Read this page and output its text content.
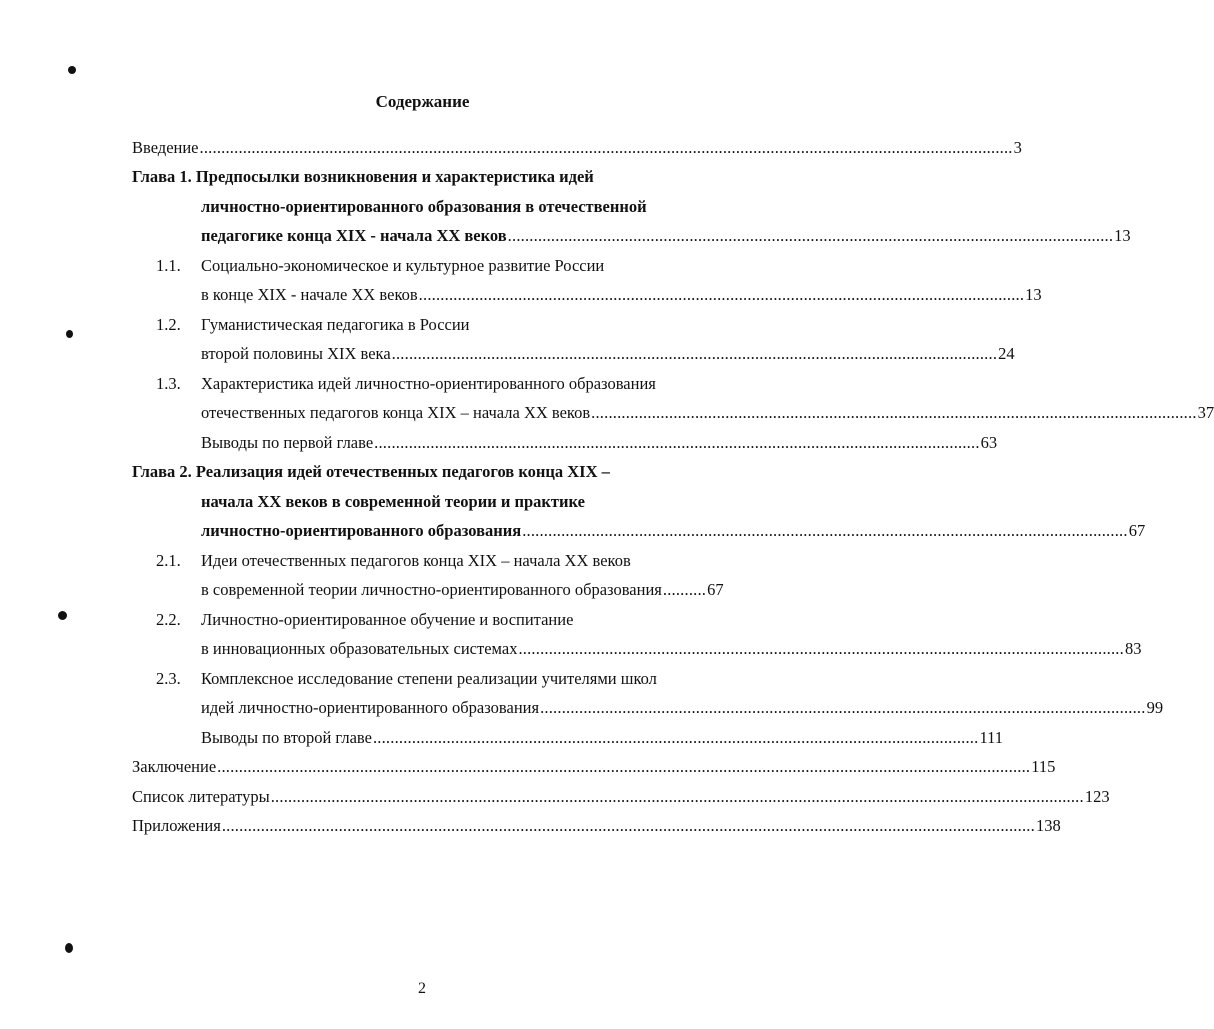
Содержание
Введение ............................................................................................................................................................................................ 3
Глава 1. Предпосылки возникновения и характеристика идей
личностно-ориентированного образования в отечественной
педагогике конца XIX - начала XX веков ............................................................................................................................................ 13
1.1.	Социально-экономическое и культурное развитие России
в конце XIX - начале XX веков ............................................................................................................................................ 13
1.2.	Гуманистическая педагогика в России
второй половины XIX века ............................................................................................................................................ 24
1.3.	Характеристика идей личностно-ориентированного образования
отечественных педагогов конца XIX – начала XX веков ............................................................................................................................................ 37
Выводы по первой главе ............................................................................................................................................ 63
Глава 2. Реализация идей отечественных педагогов конца XIX –
начала XX веков в современной теории и практике
личностно-ориентированного образования ............................................................................................................................................ 67
2.1.	Идеи отечественных педагогов конца XIX – начала XX веков
в современной теории личностно-ориентированного образования .......... 67
2.2.	Личностно-ориентированное обучение и воспитание
в инновационных образовательных системах ............................................................................................................................................ 83
2.3.	Комплексное исследование степени реализации учителями школ
идей личностно-ориентированного образования ............................................................................................................................................ 99
Выводы по второй главе ............................................................................................................................................ 111
Заключение ............................................................................................................................................................................................ 115
Список литературы ............................................................................................................................................................................................ 123
Приложения ............................................................................................................................................................................................ 138
2
